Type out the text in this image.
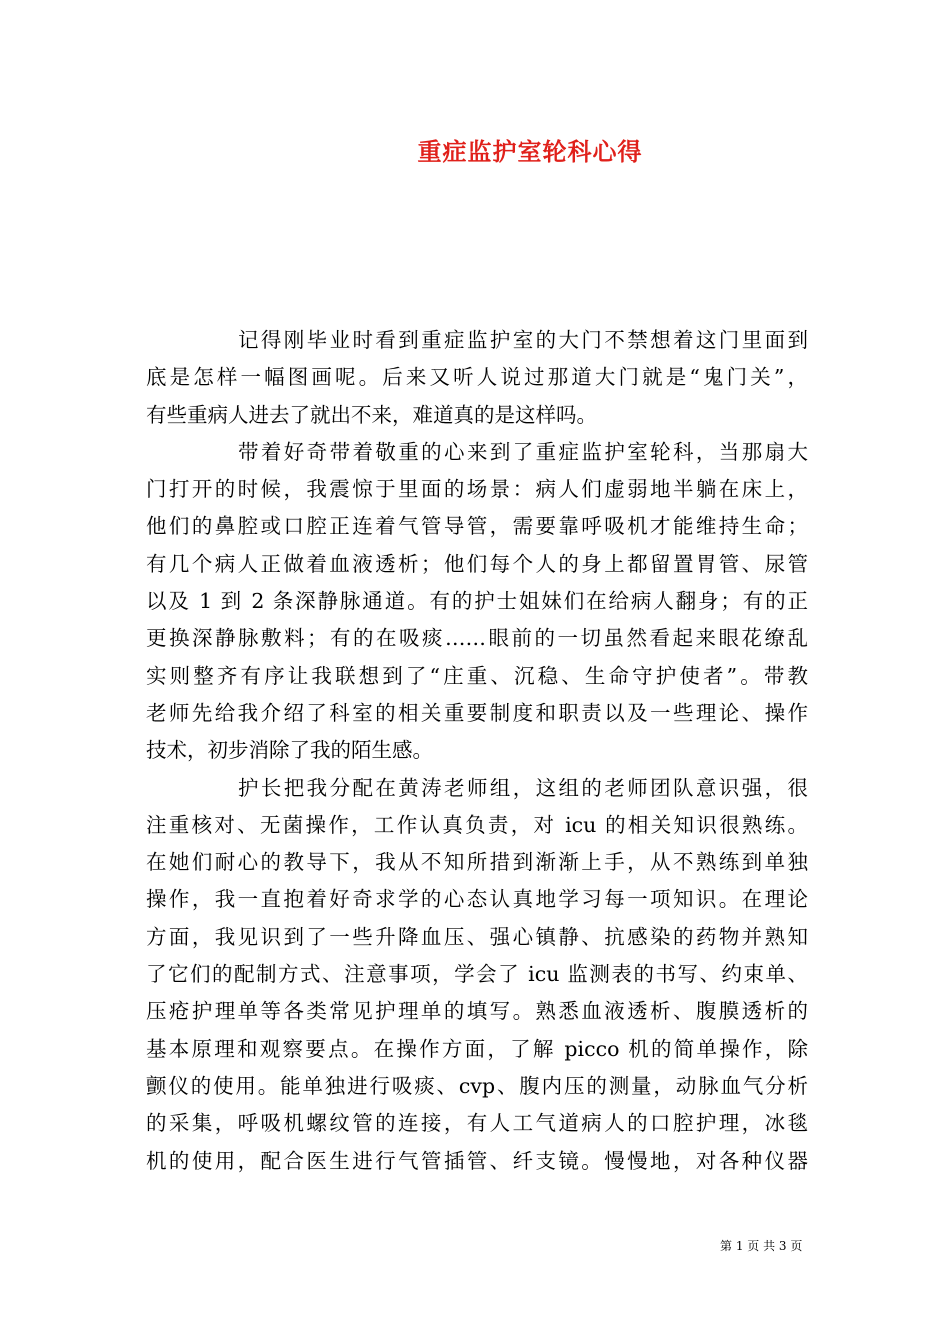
重症监护室轮科心得
记得刚毕业时看到重症监护室的大门不禁想着这门里面到
底是怎样一幅图画呢。后来又听人说过那道大门就是“鬼门关”，
有些重病人进去了就出不来，难道真的是这样吗。
带着好奇带着敬重的心来到了重症监护室轮科，当那扇大
门打开的时候，我震惊于里面的场景：病人们虚弱地半躺在床上，
他们的鼻腔或口腔正连着气管导管，需要靠呼吸机才能维持生命；
有几个病人正做着血液透析；他们每个人的身上都留置胃管、尿管
以及 1 到 2 条深静脉通道。有的护士姐妹们在给病人翻身；有的正
更换深静脉敷料；有的在吸痰……眼前的一切虽然看起来眼花缭乱
实则整齐有序让我联想到了“庄重、沉稳、生命守护使者”。带教
老师先给我介绍了科室的相关重要制度和职责以及一些理论、操作
技术，初步消除了我的陌生感。
护长把我分配在黄涛老师组，这组的老师团队意识强，很
注重核对、无菌操作，工作认真负责，对 icu 的相关知识很熟练。
在她们耐心的教导下，我从不知所措到渐渐上手，从不熟练到单独
操作，我一直抱着好奇求学的心态认真地学习每一项知识。在理论
方面，我见识到了一些升降血压、强心镇静、抗感染的药物并熟知
了它们的配制方式、注意事项，学会了 icu 监测表的书写、约束单、
压疮护理单等各类常见护理单的填写。熟悉血液透析、腹膜透析的
基本原理和观察要点。在操作方面，了解 picco 机的简单操作，除
颤仪的使用。能单独进行吸痰、cvp、腹内压的测量，动脉血气分析
的采集，呼吸机螺纹管的连接，有人工气道病人的口腔护理，冰毯
机的使用，配合医生进行气管插管、纤支镜。慢慢地，对各种仪器
第 1 页 共 3 页
